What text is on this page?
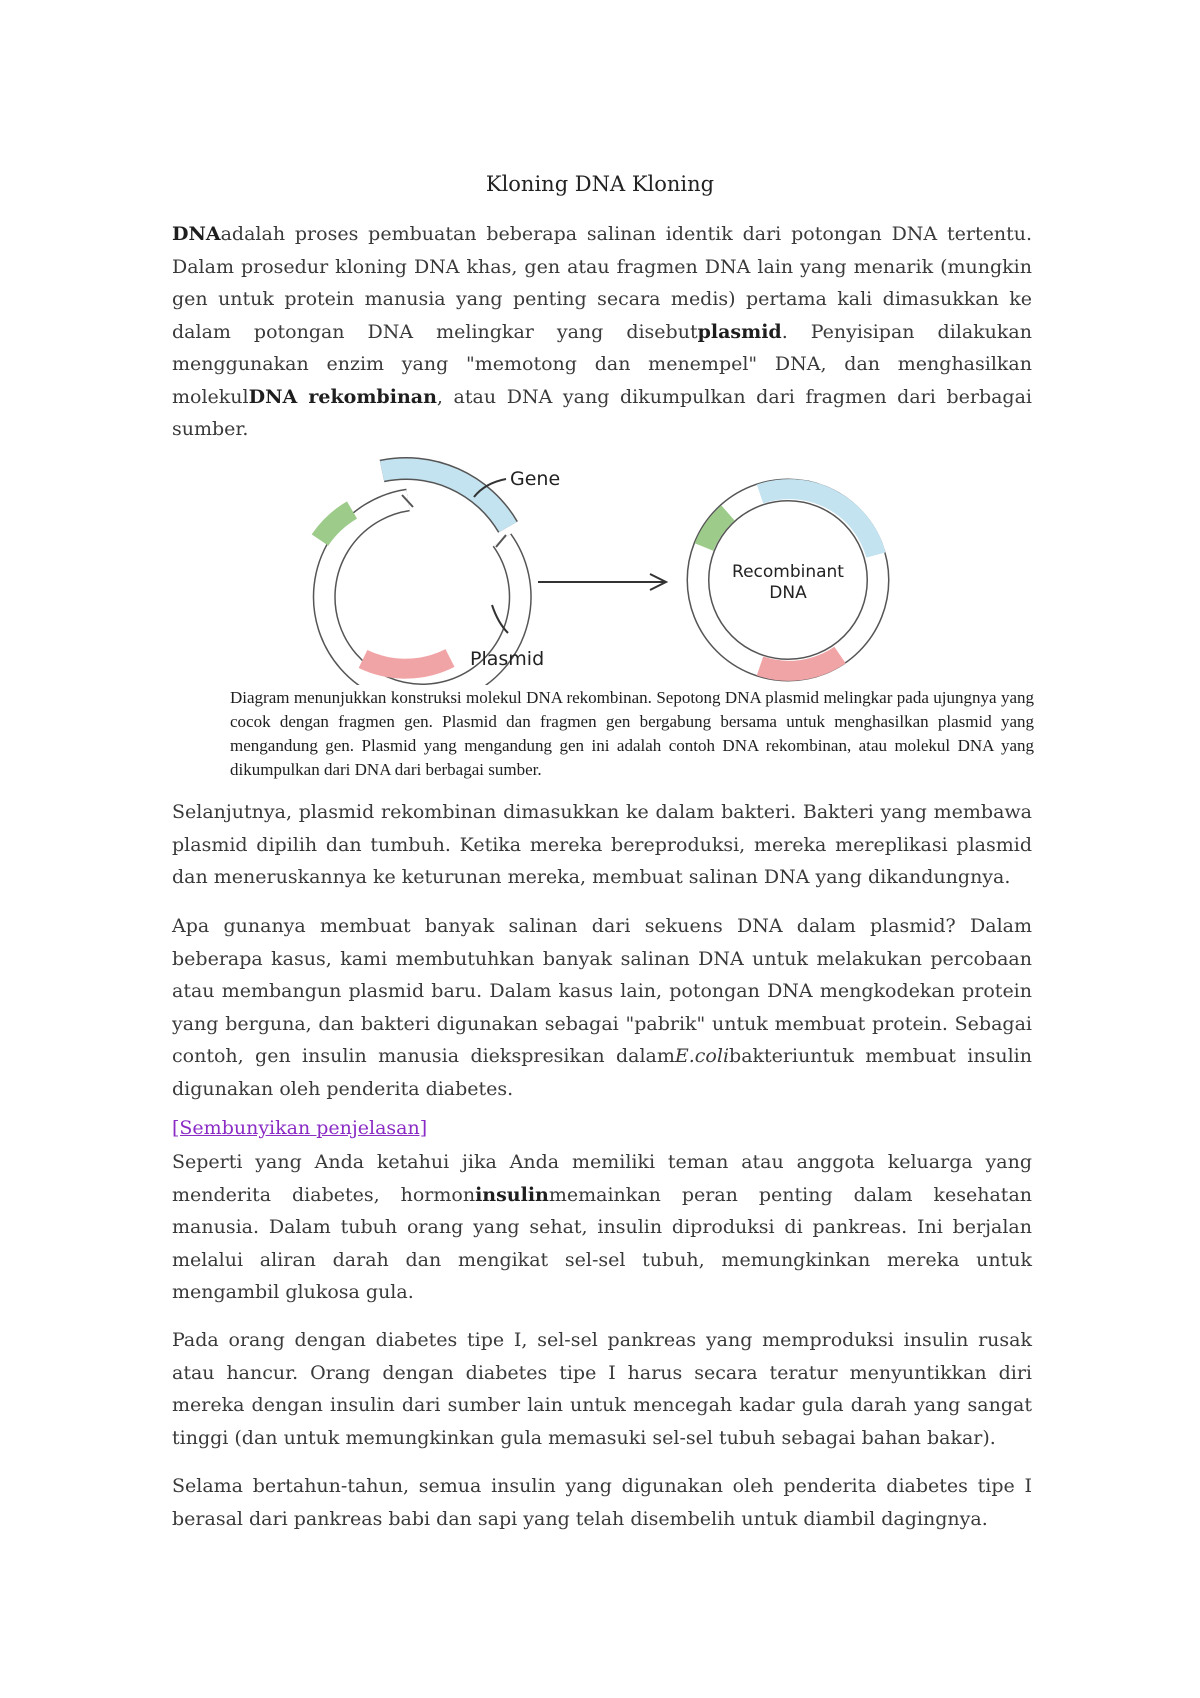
Kloning DNA Kloning
DNAadalah proses pembuatan beberapa salinan identik dari potongan DNA tertentu. Dalam prosedur kloning DNA khas, gen atau fragmen DNA lain yang menarik (mungkin gen untuk protein manusia yang penting secara medis) pertama kali dimasukkan ke dalam potongan DNA melingkar yang disebutplasmid. Penyisipan dilakukan menggunakan enzim yang "memotong dan menempel" DNA, dan menghasilkan molekulDNA rekombinan, atau DNA yang dikumpulkan dari fragmen dari berbagai sumber.
Gene
Plasmid
Recombinant
DNA
Diagram menunjukkan konstruksi molekul DNA rekombinan. Sepotong DNA plasmid melingkar pada ujungnya yang cocok dengan fragmen gen. Plasmid dan fragmen gen bergabung bersama untuk menghasilkan plasmid yang mengandung gen. Plasmid yang mengandung gen ini adalah contoh DNA rekombinan, atau molekul DNA yang dikumpulkan dari DNA dari berbagai sumber.
Selanjutnya, plasmid rekombinan dimasukkan ke dalam bakteri. Bakteri yang membawa plasmid dipilih dan tumbuh. Ketika mereka bereproduksi, mereka mereplikasi plasmid dan meneruskannya ke keturunan mereka, membuat salinan DNA yang dikandungnya.
Apa gunanya membuat banyak salinan dari sekuens DNA dalam plasmid? Dalam beberapa kasus, kami membutuhkan banyak salinan DNA untuk melakukan percobaan atau membangun plasmid baru. Dalam kasus lain, potongan DNA mengkodekan protein yang berguna, dan bakteri digunakan sebagai "pabrik" untuk membuat protein. Sebagai contoh, gen insulin manusia diekspresikan dalamE.colibakteriuntuk membuat insulin digunakan oleh penderita diabetes.
[Sembunyikan penjelasan]
Seperti yang Anda ketahui jika Anda memiliki teman atau anggota keluarga yang menderita diabetes, hormoninsulinmemainkan peran penting dalam kesehatan manusia. Dalam tubuh orang yang sehat, insulin diproduksi di pankreas. Ini berjalan melalui aliran darah dan mengikat sel-sel tubuh, memungkinkan mereka untuk mengambil glukosa gula.
Pada orang dengan diabetes tipe I, sel-sel pankreas yang memproduksi insulin rusak atau hancur. Orang dengan diabetes tipe I harus secara teratur menyuntikkan diri mereka dengan insulin dari sumber lain untuk mencegah kadar gula darah yang sangat tinggi (dan untuk memungkinkan gula memasuki sel-sel tubuh sebagai bahan bakar).
Selama bertahun-tahun, semua insulin yang digunakan oleh penderita diabetes tipe I berasal dari pankreas babi dan sapi yang telah disembelih untuk diambil dagingnya.
